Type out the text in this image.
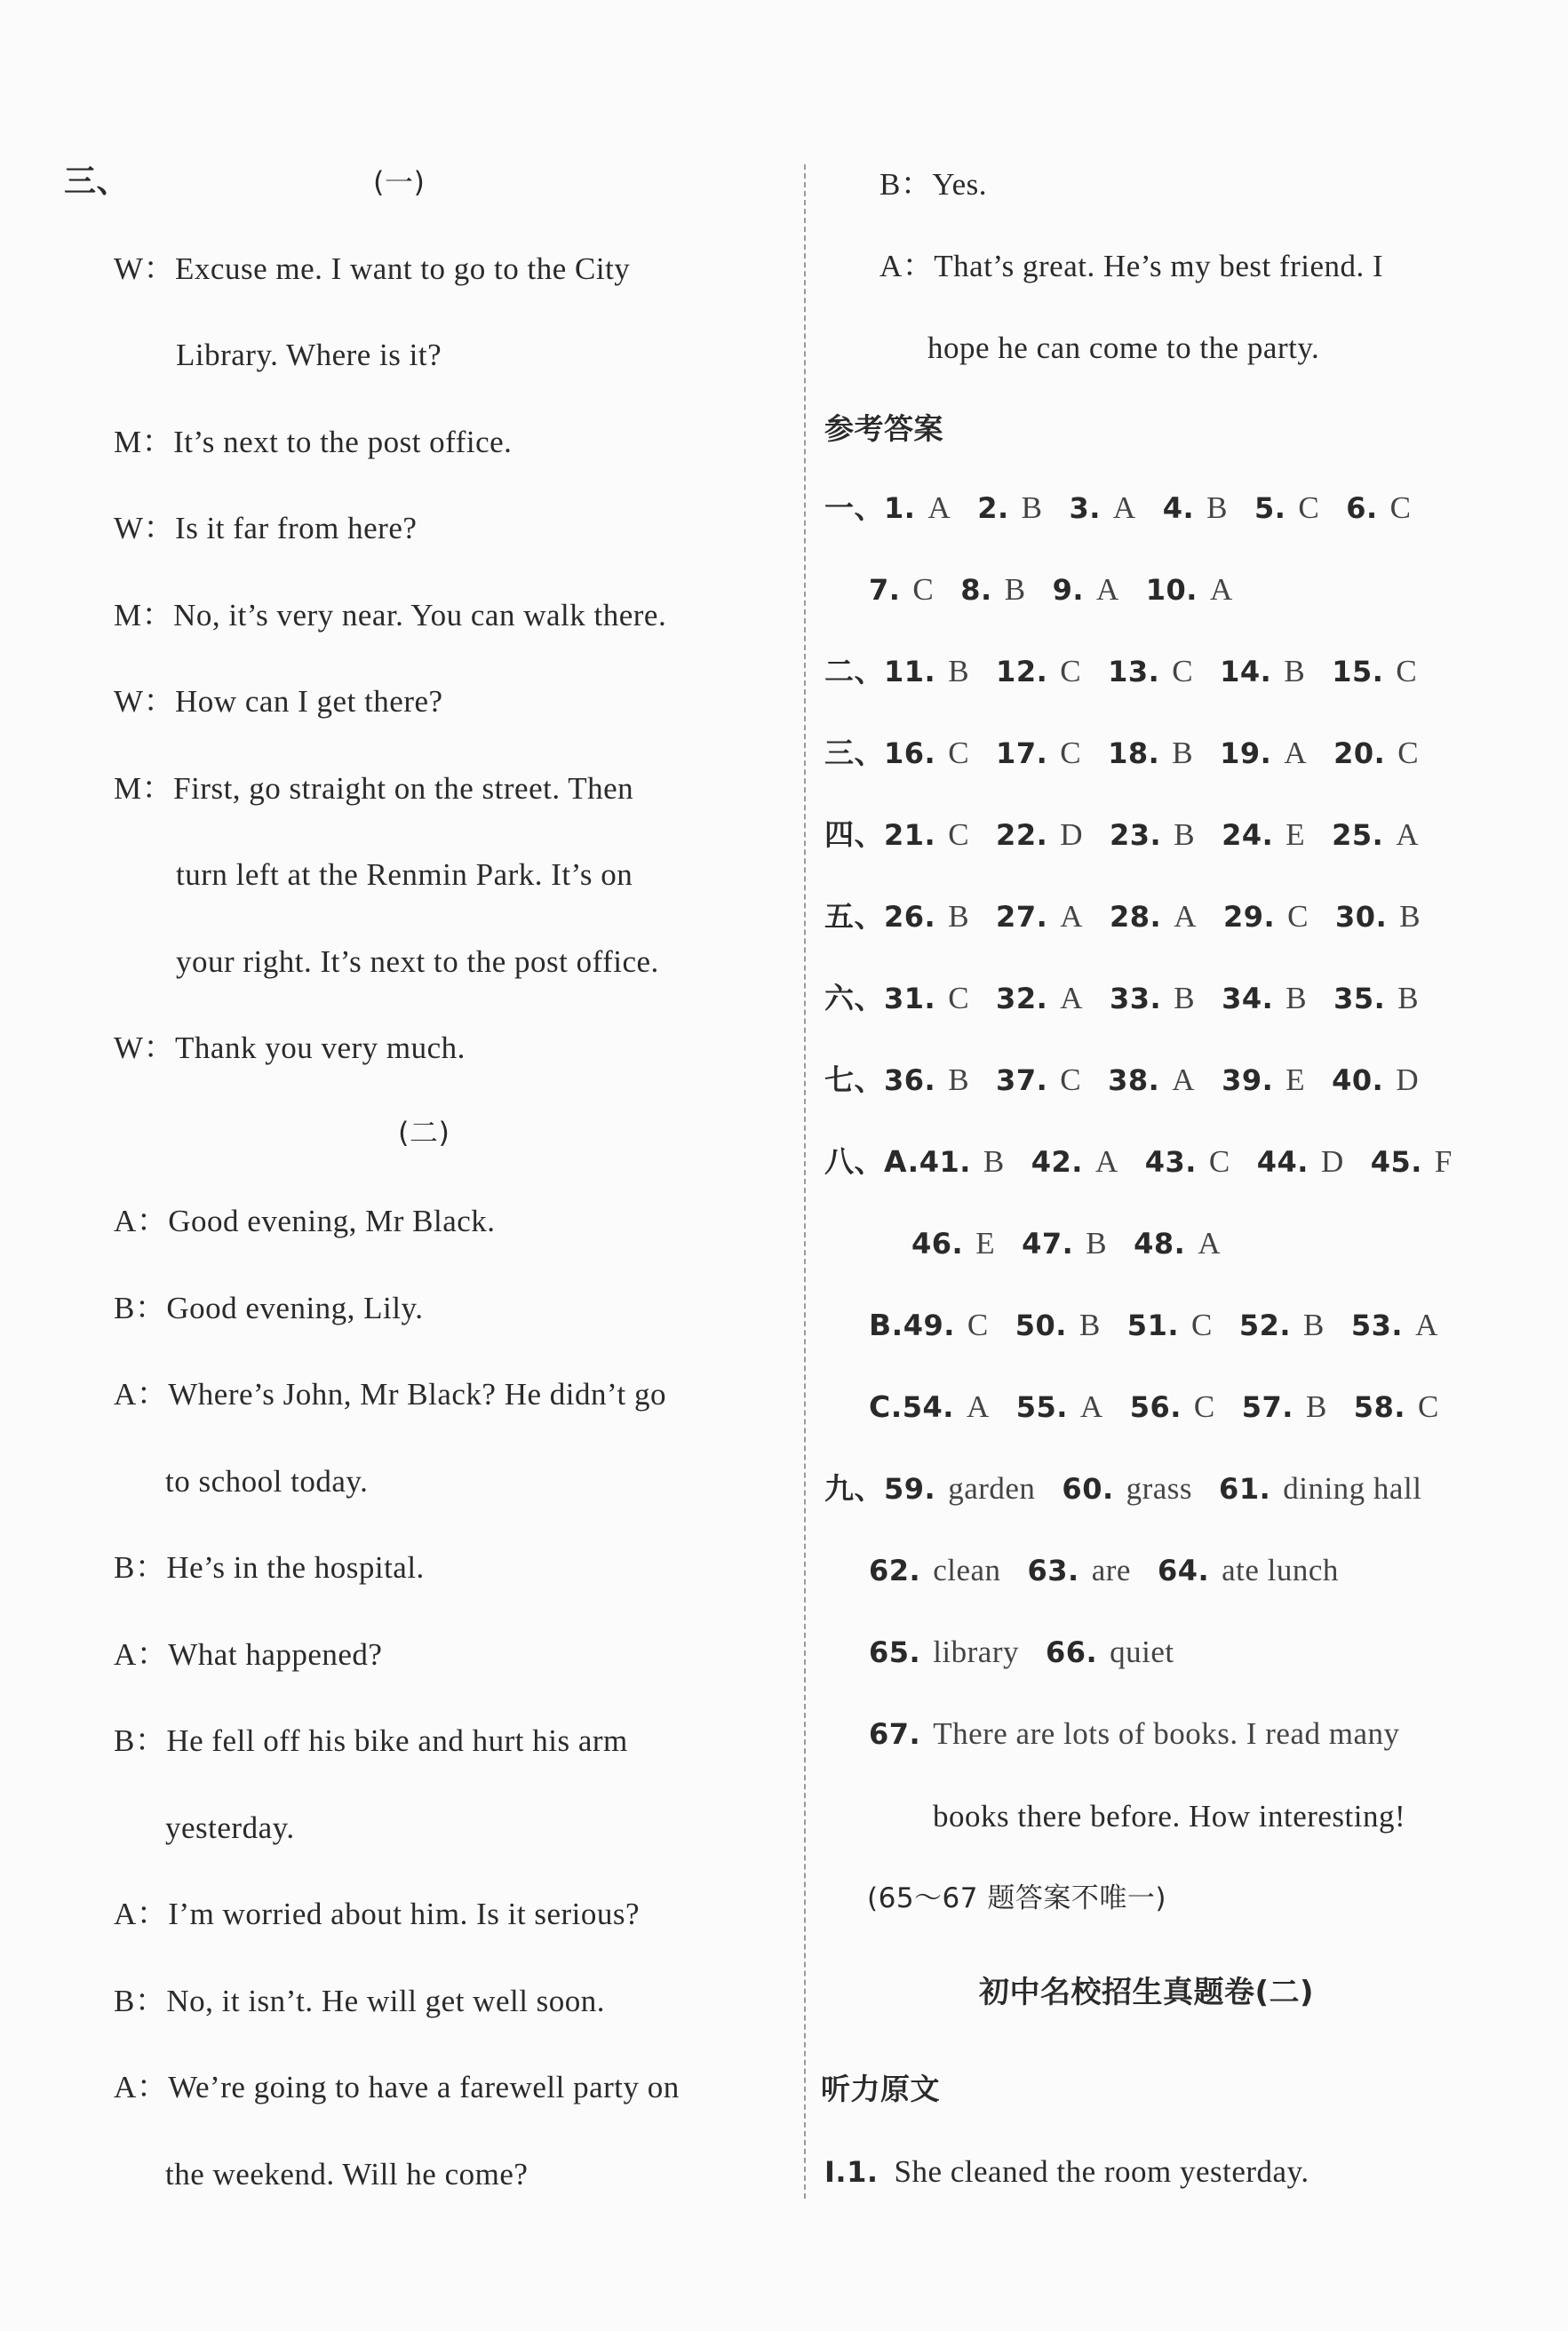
三、	(一)
W：Excuse me. I want to go to the City
Library. Where is it?
M：It’s next to the post office.
W：Is it far from here?
M：No, it’s very near. You can walk there.
W：How can I get there?
M：First, go straight on the street. Then
turn left at the Renmin Park. It’s on
your right. It’s next to the post office.
W：Thank you very much.
(二)
A：Good evening, Mr Black.
B：Good evening, Lily.
A：Where’s John, Mr Black? He didn’t go
to school today.
B：He’s in the hospital.
A：What happened?
B：He fell off his bike and hurt his arm
yesterday.
A：I’m worried about him. Is it serious?
B：No, it isn’t. He will get well soon.
A：We’re going to have a farewell party on
the weekend. Will he come?
B：Yes.
A：That’s great. He’s my best friend. I
hope he can come to the party.
参考答案
一、1. A 2. B 3. A 4. B 5. C 6. C
7. C 8. B 9. A 10. A
二、11. B 12. C 13. C 14. B 15. C
三、16. C 17. C 18. B 19. A 20. C
四、21. C 22. D 23. B 24. E 25. A
五、26. B 27. A 28. A 29. C 30. B
六、31. C 32. A 33. B 34. B 35. B
七、36. B 37. C 38. A 39. E 40. D
八、A.41. B 42. A 43. C 44. D 45. F
46. E 47. B 48. A
B.49. C 50. B 51. C 52. B 53. A
C.54. A 55. A 56. C 57. B 58. C
九、59. garden 60. grass 61. dining hall
62. clean 63. are 64. ate lunch
65. library 66. quiet
67. There are lots of books. I read many
books there before. How interesting!
(65～67 题答案不唯一)
初中名校招生真题卷(二)
听力原文
Ⅰ.1. She cleaned the room yesterday.
